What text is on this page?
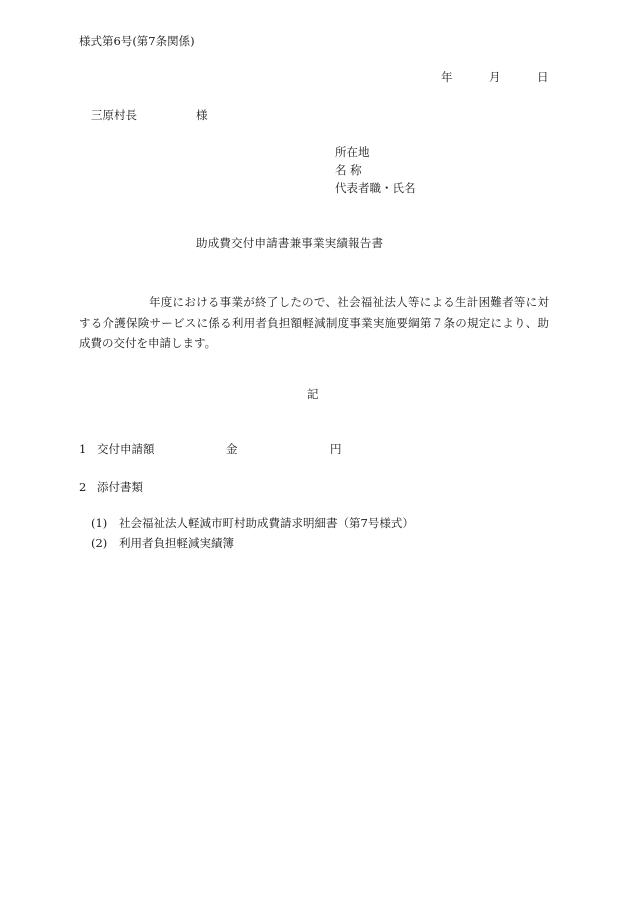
様式第6号(第7条関係)
年	月	日
三原村長	様
所在地
名 称
代表者職・氏名
助成費交付申請書兼事業実績報告書
年度における事業が終了したので、社会福祉法人等による生計困難者等に対する介護保険サービスに係る利用者負担額軽減制度事業実施要綱第７条の規定により、助成費の交付を申請します。
記
1 交付申請額	金	円
2 添付書類
(1) 社会福祉法人軽減市町村助成費請求明細書（第7号様式）
(2) 利用者負担軽減実績簿
